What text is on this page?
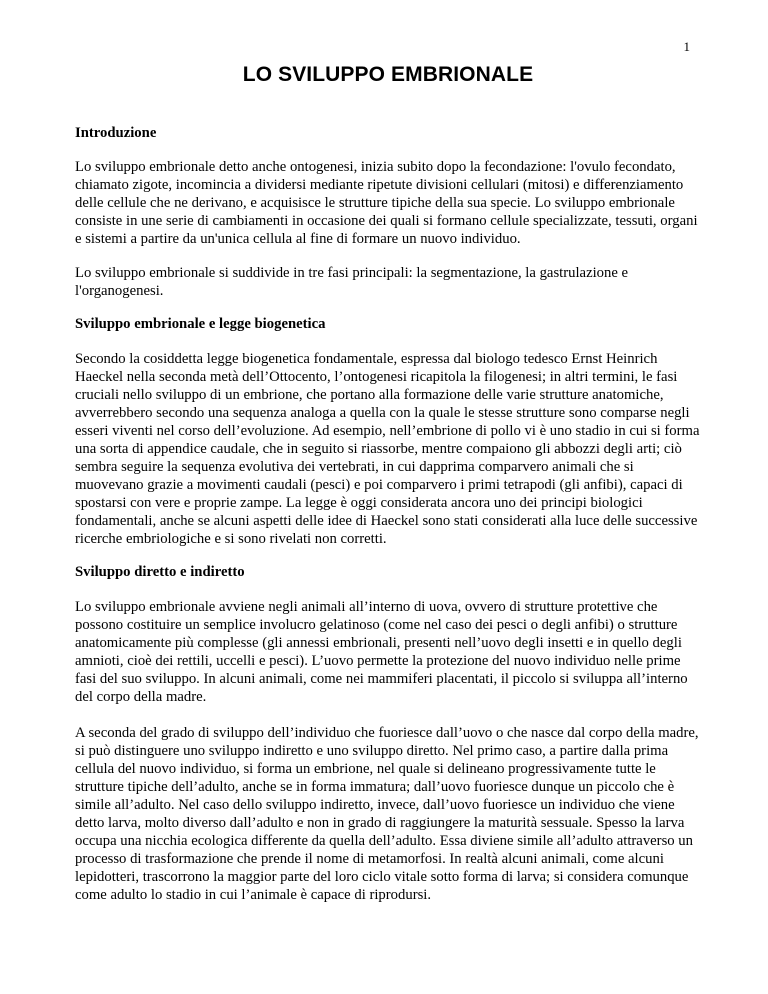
1
LO SVILUPPO EMBRIONALE
Introduzione

Lo sviluppo embrionale detto anche ontogenesi, inizia subito dopo la fecondazione: l'ovulo fecondato, chiamato zigote, incomincia a dividersi mediante ripetute divisioni cellulari (mitosi) e differenziamento delle cellule che ne derivano, e acquisisce le strutture tipiche della sua specie. Lo sviluppo embrionale consiste in une serie di cambiamenti in occasione dei quali si formano cellule specializzate, tessuti, organi e sistemi a partire da un'unica cellula al fine di formare un nuovo individuo.

Lo sviluppo embrionale si suddivide in tre fasi principali: la segmentazione, la gastrulazione e l'organogenesi.

Sviluppo embrionale e legge biogenetica

Secondo la cosiddetta legge biogenetica fondamentale, espressa dal biologo tedesco Ernst Heinrich Haeckel nella seconda metà dell’Ottocento, l’ontogenesi ricapitola la filogenesi; in altri termini, le fasi cruciali nello sviluppo di un embrione, che portano alla formazione delle varie strutture anatomiche, avverrebbero secondo una sequenza analoga a quella con la quale le stesse strutture sono comparse negli esseri viventi nel corso dell’evoluzione. Ad esempio, nell’embrione di pollo vi è uno stadio in cui si forma una sorta di appendice caudale, che in seguito si riassorbe, mentre compaiono gli abbozzi degli arti; ciò sembra seguire la sequenza evolutiva dei vertebrati, in cui dapprima comparvero animali che si muovevano grazie a movimenti caudali (pesci) e poi comparvero i primi tetrapodi (gli anfibi), capaci di spostarsi con vere e proprie zampe. La legge è oggi considerata ancora uno dei principi biologici fondamentali, anche se alcuni aspetti delle idee di Haeckel sono stati considerati alla luce delle successive ricerche embriologiche e si sono rivelati non corretti.

Sviluppo diretto e indiretto

Lo sviluppo embrionale avviene negli animali all’interno di uova, ovvero di strutture protettive che possono costituire un semplice involucro gelatinoso (come nel caso dei pesci o degli anfibi) o strutture anatomicamente più complesse (gli annessi embrionali, presenti nell’uovo degli insetti e in quello degli amnioti, cioè dei rettili, uccelli e pesci). L’uovo permette la protezione del nuovo individuo nelle prime fasi del suo sviluppo. In alcuni animali, come nei mammiferi placentati, il piccolo si sviluppa all’interno del corpo della madre.

A seconda del grado di sviluppo dell’individuo che fuoriesce dall’uovo o che nasce dal corpo della madre, si può distinguere uno sviluppo indiretto e uno sviluppo diretto. Nel primo caso, a partire dalla prima cellula del nuovo individuo, si forma un embrione, nel quale si delineano progressivamente tutte le strutture tipiche dell’adulto, anche se in forma immatura; dall’uovo fuoriesce dunque un piccolo che è simile all’adulto. Nel caso dello sviluppo indiretto, invece, dall’uovo fuoriesce un individuo che viene detto larva, molto diverso dall’adulto e non in grado di raggiungere la maturità sessuale. Spesso la larva occupa una nicchia ecologica differente da quella dell’adulto. Essa diviene simile all’adulto attraverso un processo di trasformazione che prende il nome di metamorfosi. In realtà alcuni animali, come alcuni lepidotteri, trascorrono la maggior parte del loro ciclo vitale sotto forma di larva; si considera comunque come adulto lo stadio in cui l’animale è capace di riprodursi.
